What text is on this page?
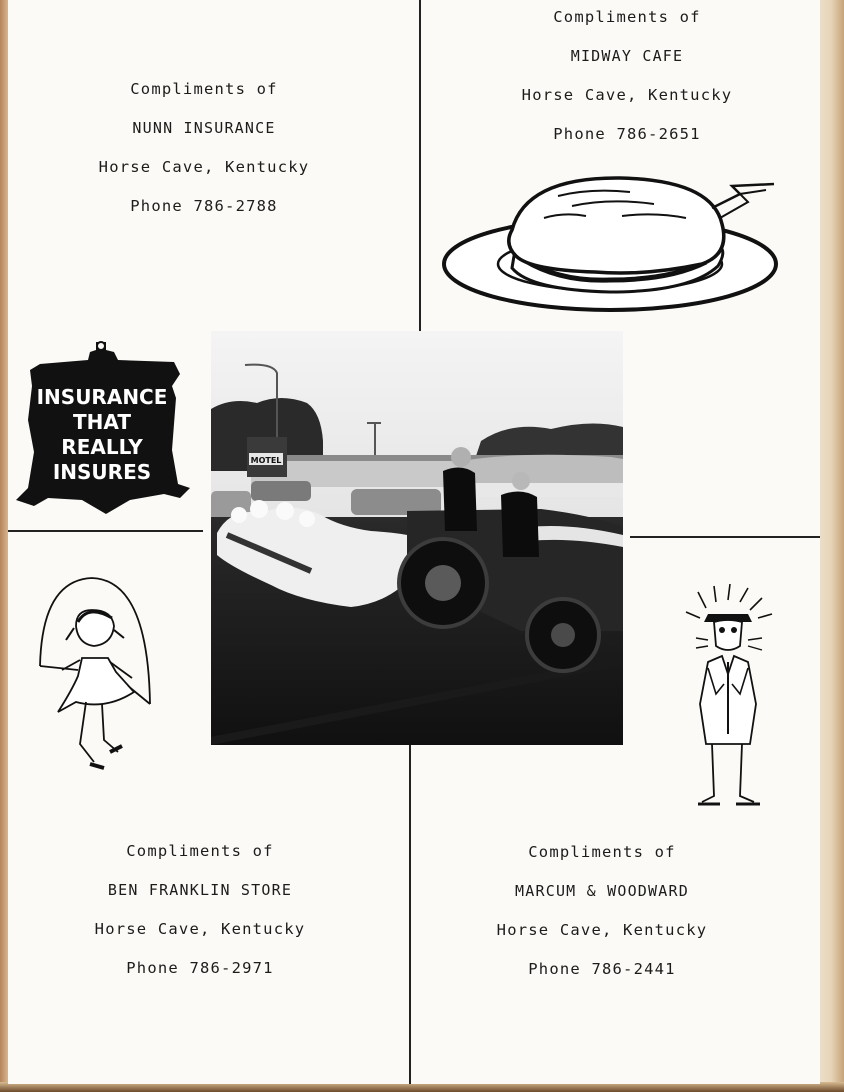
Compliments of
NUNN INSURANCE
Horse Cave, Kentucky
Phone 786-2788
Compliments of
MIDWAY CAFE
Horse Cave, Kentucky
Phone 786-2651
Compliments of
BEN FRANKLIN STORE
Horse Cave, Kentucky
Phone 786-2971
Compliments of
MARCUM & WOODWARD
Horse Cave, Kentucky
Phone 786-2441
INSURANCE
THAT
REALLY
INSURES	MOTEL
